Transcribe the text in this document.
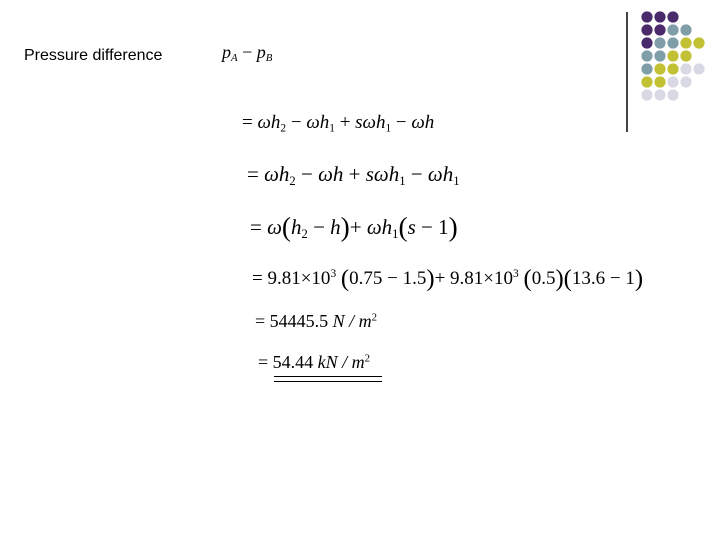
Pressure difference	$p_A - p_B$
= $\omega h_2 - \omega h_1 + s\omega h_1 - \omega h$
= $\omega h_2 - \omega h + s\omega h_1 - \omega h_1$
= $\omega(h_2 - h)+ \omega h_1(s - 1)$
= $9.81\times 10^3$ $(0.75 - 1.5)+ 9.81\times 10^3$ (0.5)(13.6 − 1)
= 54445.5 N / $m^2$
= 54.44 kN / $m^2$
